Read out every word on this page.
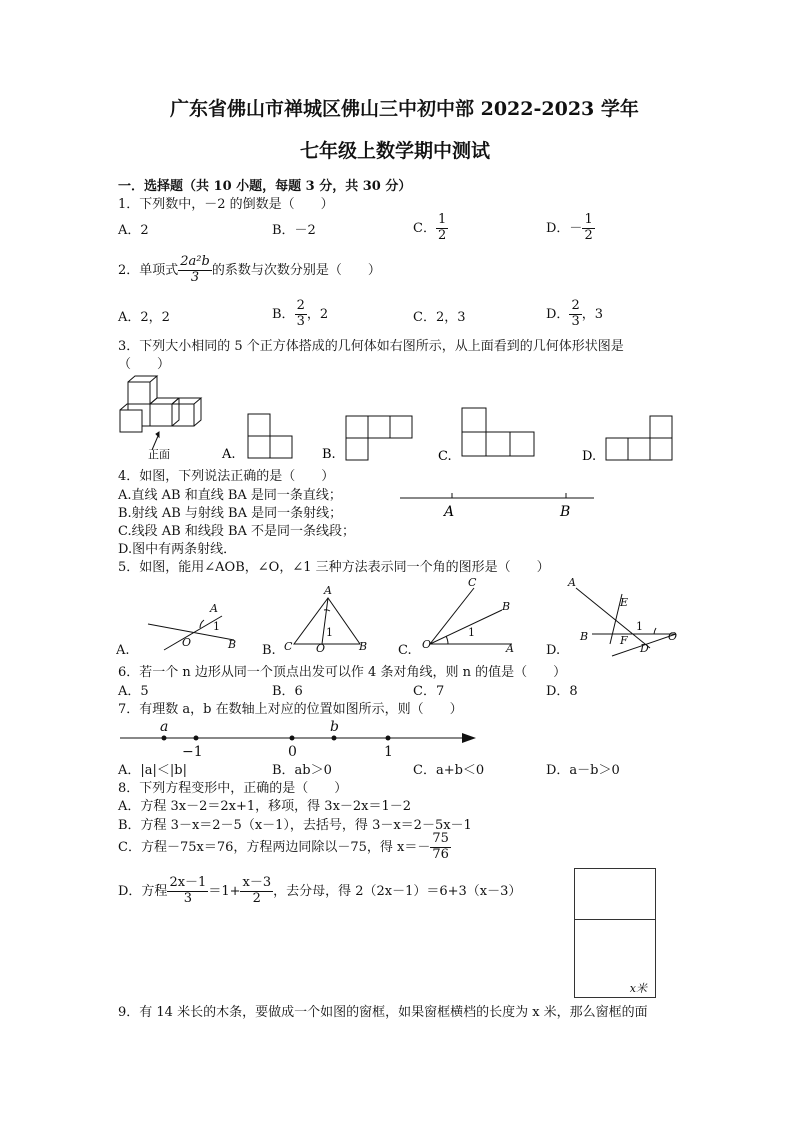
广东省佛山市禅城区佛山三中初中部 2022-2023 学年
七年级上数学期中测试
一．选择题（共 10 小题，每题 3 分，共 30 分）
1．下列数中，－2 的倒数是（　　）
A．2	B．－2	C． $\frac{1}{2}$	D．－ $\frac{1}{2}$
2．单项式 $\frac{\text{2a²b}}{3}$ 的系数与次数分别是（　　）
A．2，2	B． $\frac{2}{3}$ ，2	C．2，3	D． $\frac{2}{3}$ ，3
3．下列大小相同的 5 个正方体搭成的几何体如右图所示，从上面看到的几何体形状图是
（　　）
正面	A.	B.	C.	D.
4．如图，下列说法正确的是（　　）
A.直线 AB 和直线 BA 是同一条直线；
B.射线 AB 与射线 BA 是同一条射线；
C.线段 AB 和线段 BA 不是同一条线段；
D.图中有两条射线．
A	B
5．如图，能用∠AOB，∠O，∠1 三种方法表示同一个角的图形是（　　）
A.
A
1
O	B B.
A
1
C O	B C.
C
B
1
O	A D.
A
E
1
B	F
D
O
6．若一个 n 边形从同一个顶点出发可以作 4 条对角线，则 n 的值是（　　）
A．5	B．6	C．7	D．8
7．有理数 a，b 在数轴上对应的位置如图所示，则（　　）
a	b
−1	0	1
A．|a|＜|b|	B．ab＞0	C．a+b＜0	D．a－b＞0
8．下列方程变形中，正确的是（　　）
A．方程 3x－2＝2x+1，移项，得 3x－2x＝1－2
B．方程 3－x＝2－5（x－1），去括号，得 3－x＝2－5x－1
C．方程－75x＝76，方程两边同除以－75，得 $x=- \frac{75}{76}$
D．方程 $\frac{2x-1}{3} =1+ \frac{x-3}{2}$ ，去分母，得 2（2x－1）＝6+3（x－3）
x米
9．有 14 米长的木条，要做成一个如图的窗框，如果窗框横档的长度为 x 米，那么窗框的面
